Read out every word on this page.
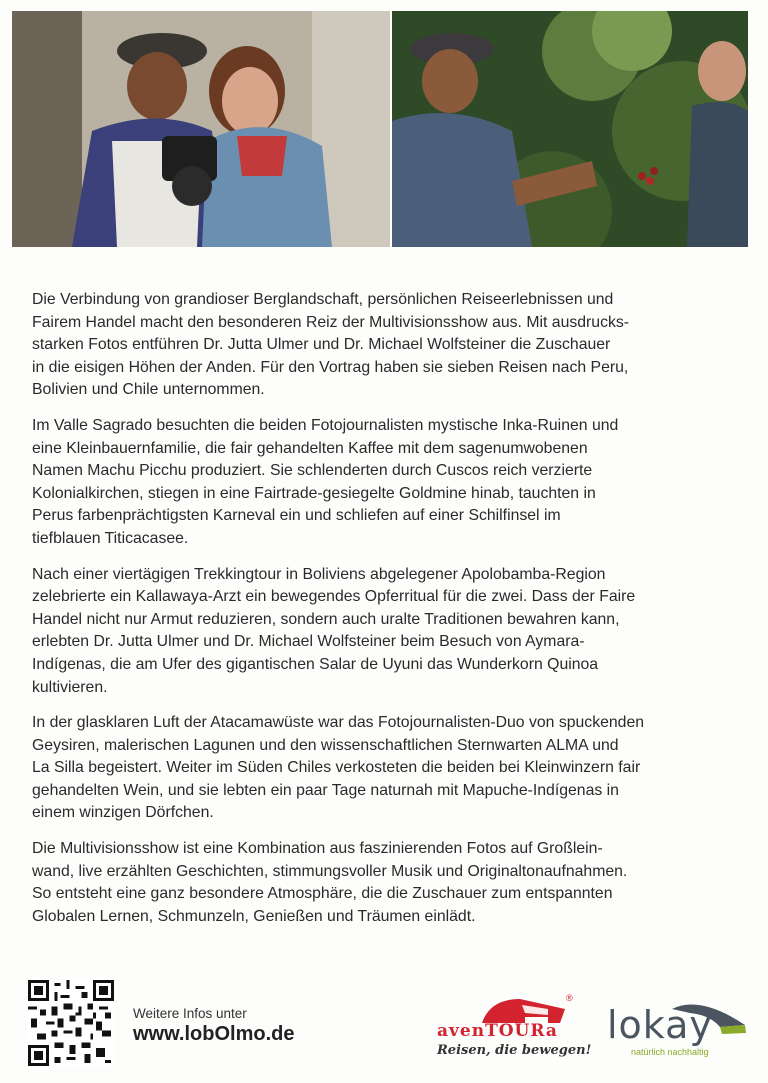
Die Verbindung von grandioser Berglandschaft, persönlichen Reiseerlebnissen und
Fairem Handel macht den besonderen Reiz der Multivisionsshow aus. Mit ausdrucks-
starken Fotos entführen Dr. Jutta Ulmer und Dr. Michael Wolfsteiner die Zuschauer
in die eisigen Höhen der Anden. Für den Vortrag haben sie sieben Reisen nach Peru,
Bolivien und Chile unternommen.

Im Valle Sagrado besuchten die beiden Fotojournalisten mystische Inka-Ruinen und
eine Kleinbauernfamilie, die fair gehandelten Kaffee mit dem sagenumwobenen
Namen Machu Picchu produziert. Sie schlenderten durch Cuscos reich verzierte
Kolonialkirchen, stiegen in eine Fairtrade-gesiegelte Goldmine hinab, tauchten in
Perus farbenprächtigsten Karneval ein und schliefen auf einer Schilfinsel im
tiefblauen Titicacasee.

Nach einer viertägigen Trekkingtour in Boliviens abgelegener Apolobamba-Region
zelebrierte ein Kallawaya-Arzt ein bewegendes Opferritual für die zwei. Dass der Faire
Handel nicht nur Armut reduzieren, sondern auch uralte Traditionen bewahren kann,
erlebten Dr. Jutta Ulmer und Dr. Michael Wolfsteiner beim Besuch von Aymara-
Indígenas, die am Ufer des gigantischen Salar de Uyuni das Wunderkorn Quinoa
kultivieren.

In der glasklaren Luft der Atacamawüste war das Fotojournalisten-Duo von spuckenden
Geysiren, malerischen Lagunen und den wissenschaftlichen Sternwarten ALMA und
La Silla begeistert. Weiter im Süden Chiles verkosteten die beiden bei Kleinwinzern fair
gehandelten Wein, und sie lebten ein paar Tage naturnah mit Mapuche-Indígenas in
einem winzigen Dörfchen.

Die Multivisionsshow ist eine Kombination aus faszinierenden Fotos auf Großlein-
wand, live erzählten Geschichten, stimmungsvoller Musik und Originaltonaufnahmen.
So entsteht eine ganz besondere Atmosphäre, die die Zuschauer zum entspannten
Globalen Lernen, Schmunzeln, Genießen und Träumen einlädt.

Weitere Infos unter
www.lobOlmo.de
®
avenTOURa
Reisen, die bewegen!
lokay
natürlich nachhaltig
